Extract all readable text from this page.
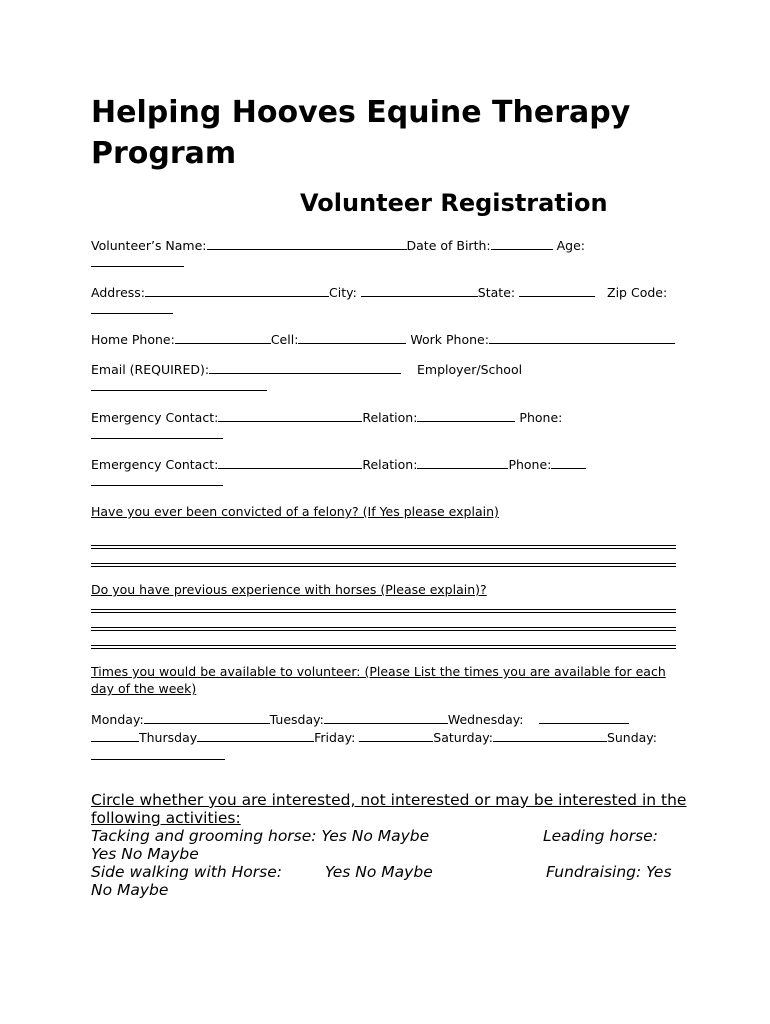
Helping Hooves Equine Therapy Program
Volunteer Registration
Volunteer’s Name:	Date of Birth:	Age:
Address:	City:	State:	Zip Code:
Home Phone:	Cell:	Work Phone:
Email (REQUIRED):	Employer/School
Emergency Contact:	Relation:	Phone:
Emergency Contact:	Relation:	Phone:
Have you ever been convicted of a felony? (If Yes please explain)
Do you have previous experience with horses (Please explain)?
Times you would be available to volunteer: (Please List the times you are available for each
day of the week)
Monday:	Tuesday:	Wednesday:
Thursday	Friday:	Saturday:	Sunday:
Circle whether you are interested, not interested or may be interested in the
following activities:
Tacking and grooming horse: Yes No Maybe	Leading horse:
Yes No Maybe
Side walking with Horse:	Yes No Maybe	Fundraising: Yes
No Maybe
